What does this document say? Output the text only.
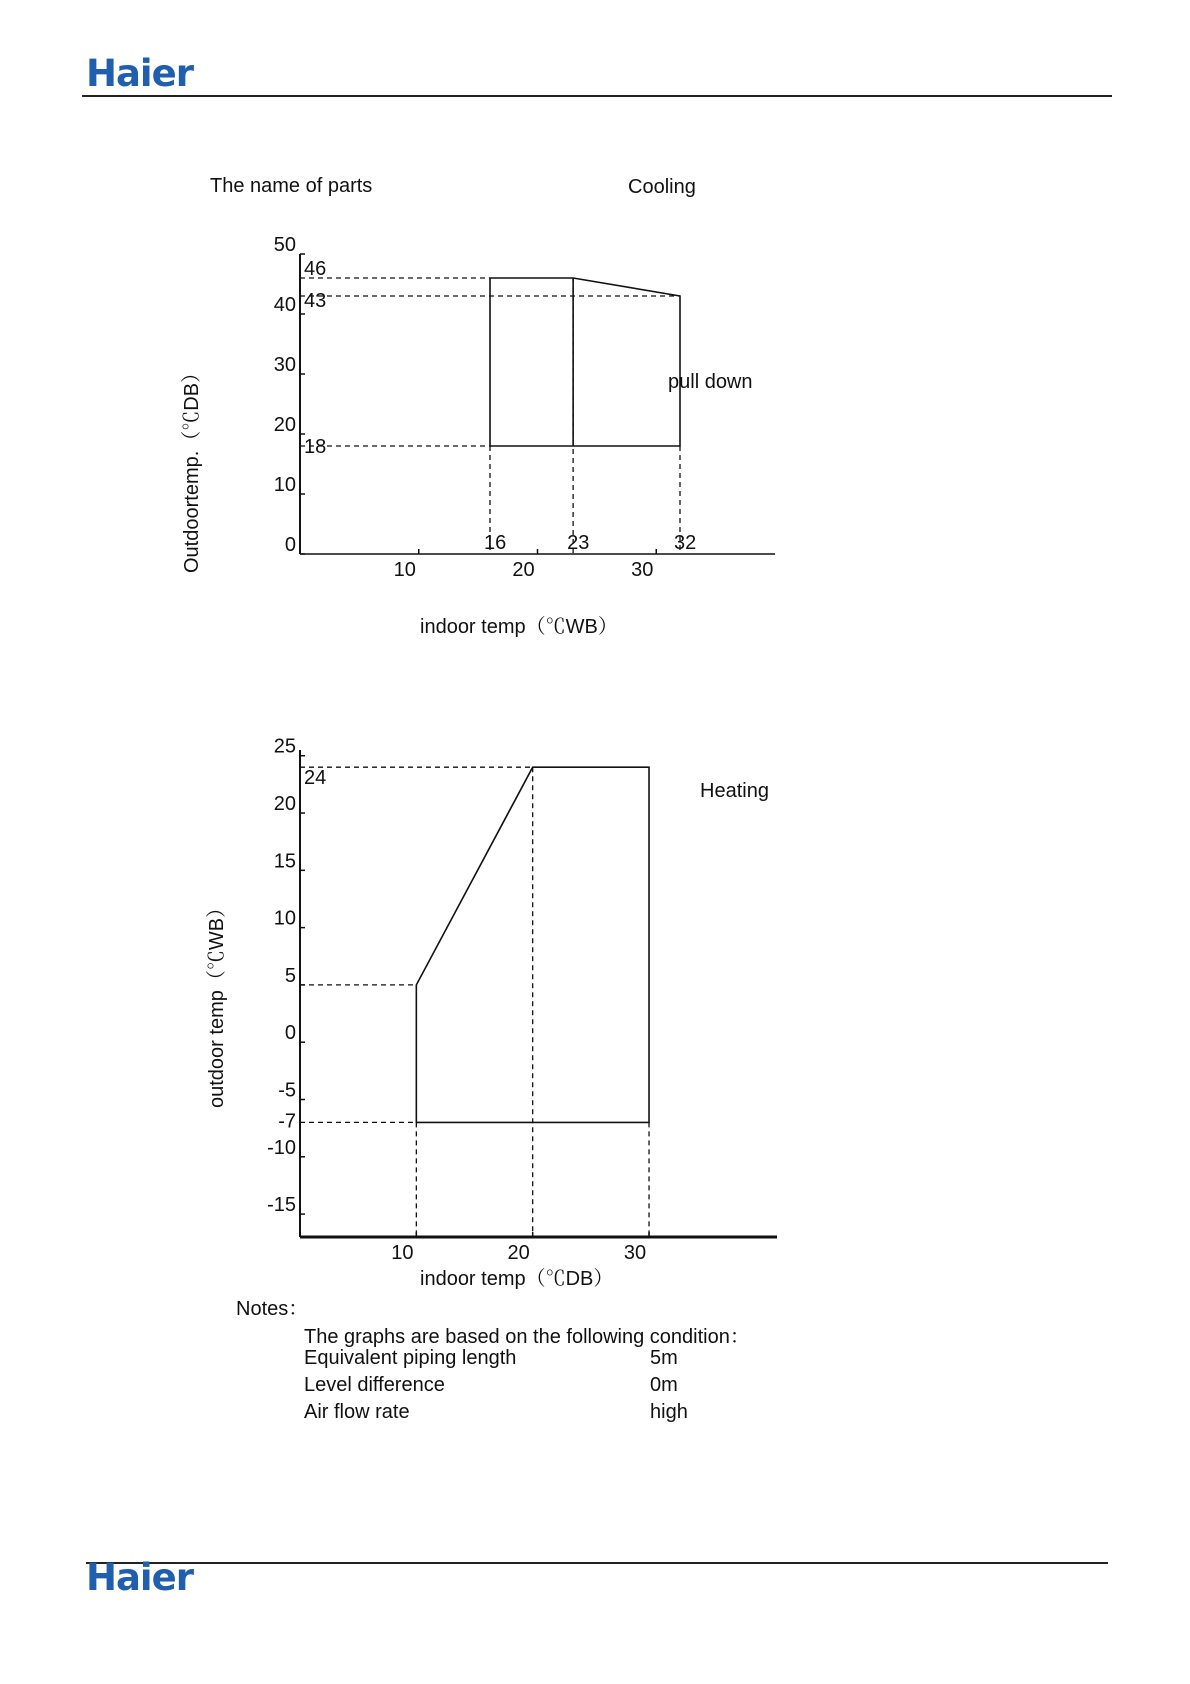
Haier
The name of parts
0
10
20
30
40
50
10	20	30
Cooling
pull down
16	23	32
18
43
46
indoor temp（℃WB）
Outdoortemp.（℃DB）
25
20
15
10
5
0
-5
-10
-15
10	20	30
Heating
-7
24
indoor temp（℃DB）
outdoor temp（℃WB）
Notes：
The graphs are based on the following condition：
Equivalent piping length	5m
Level difference	0m
Air flow rate	high
Haier
